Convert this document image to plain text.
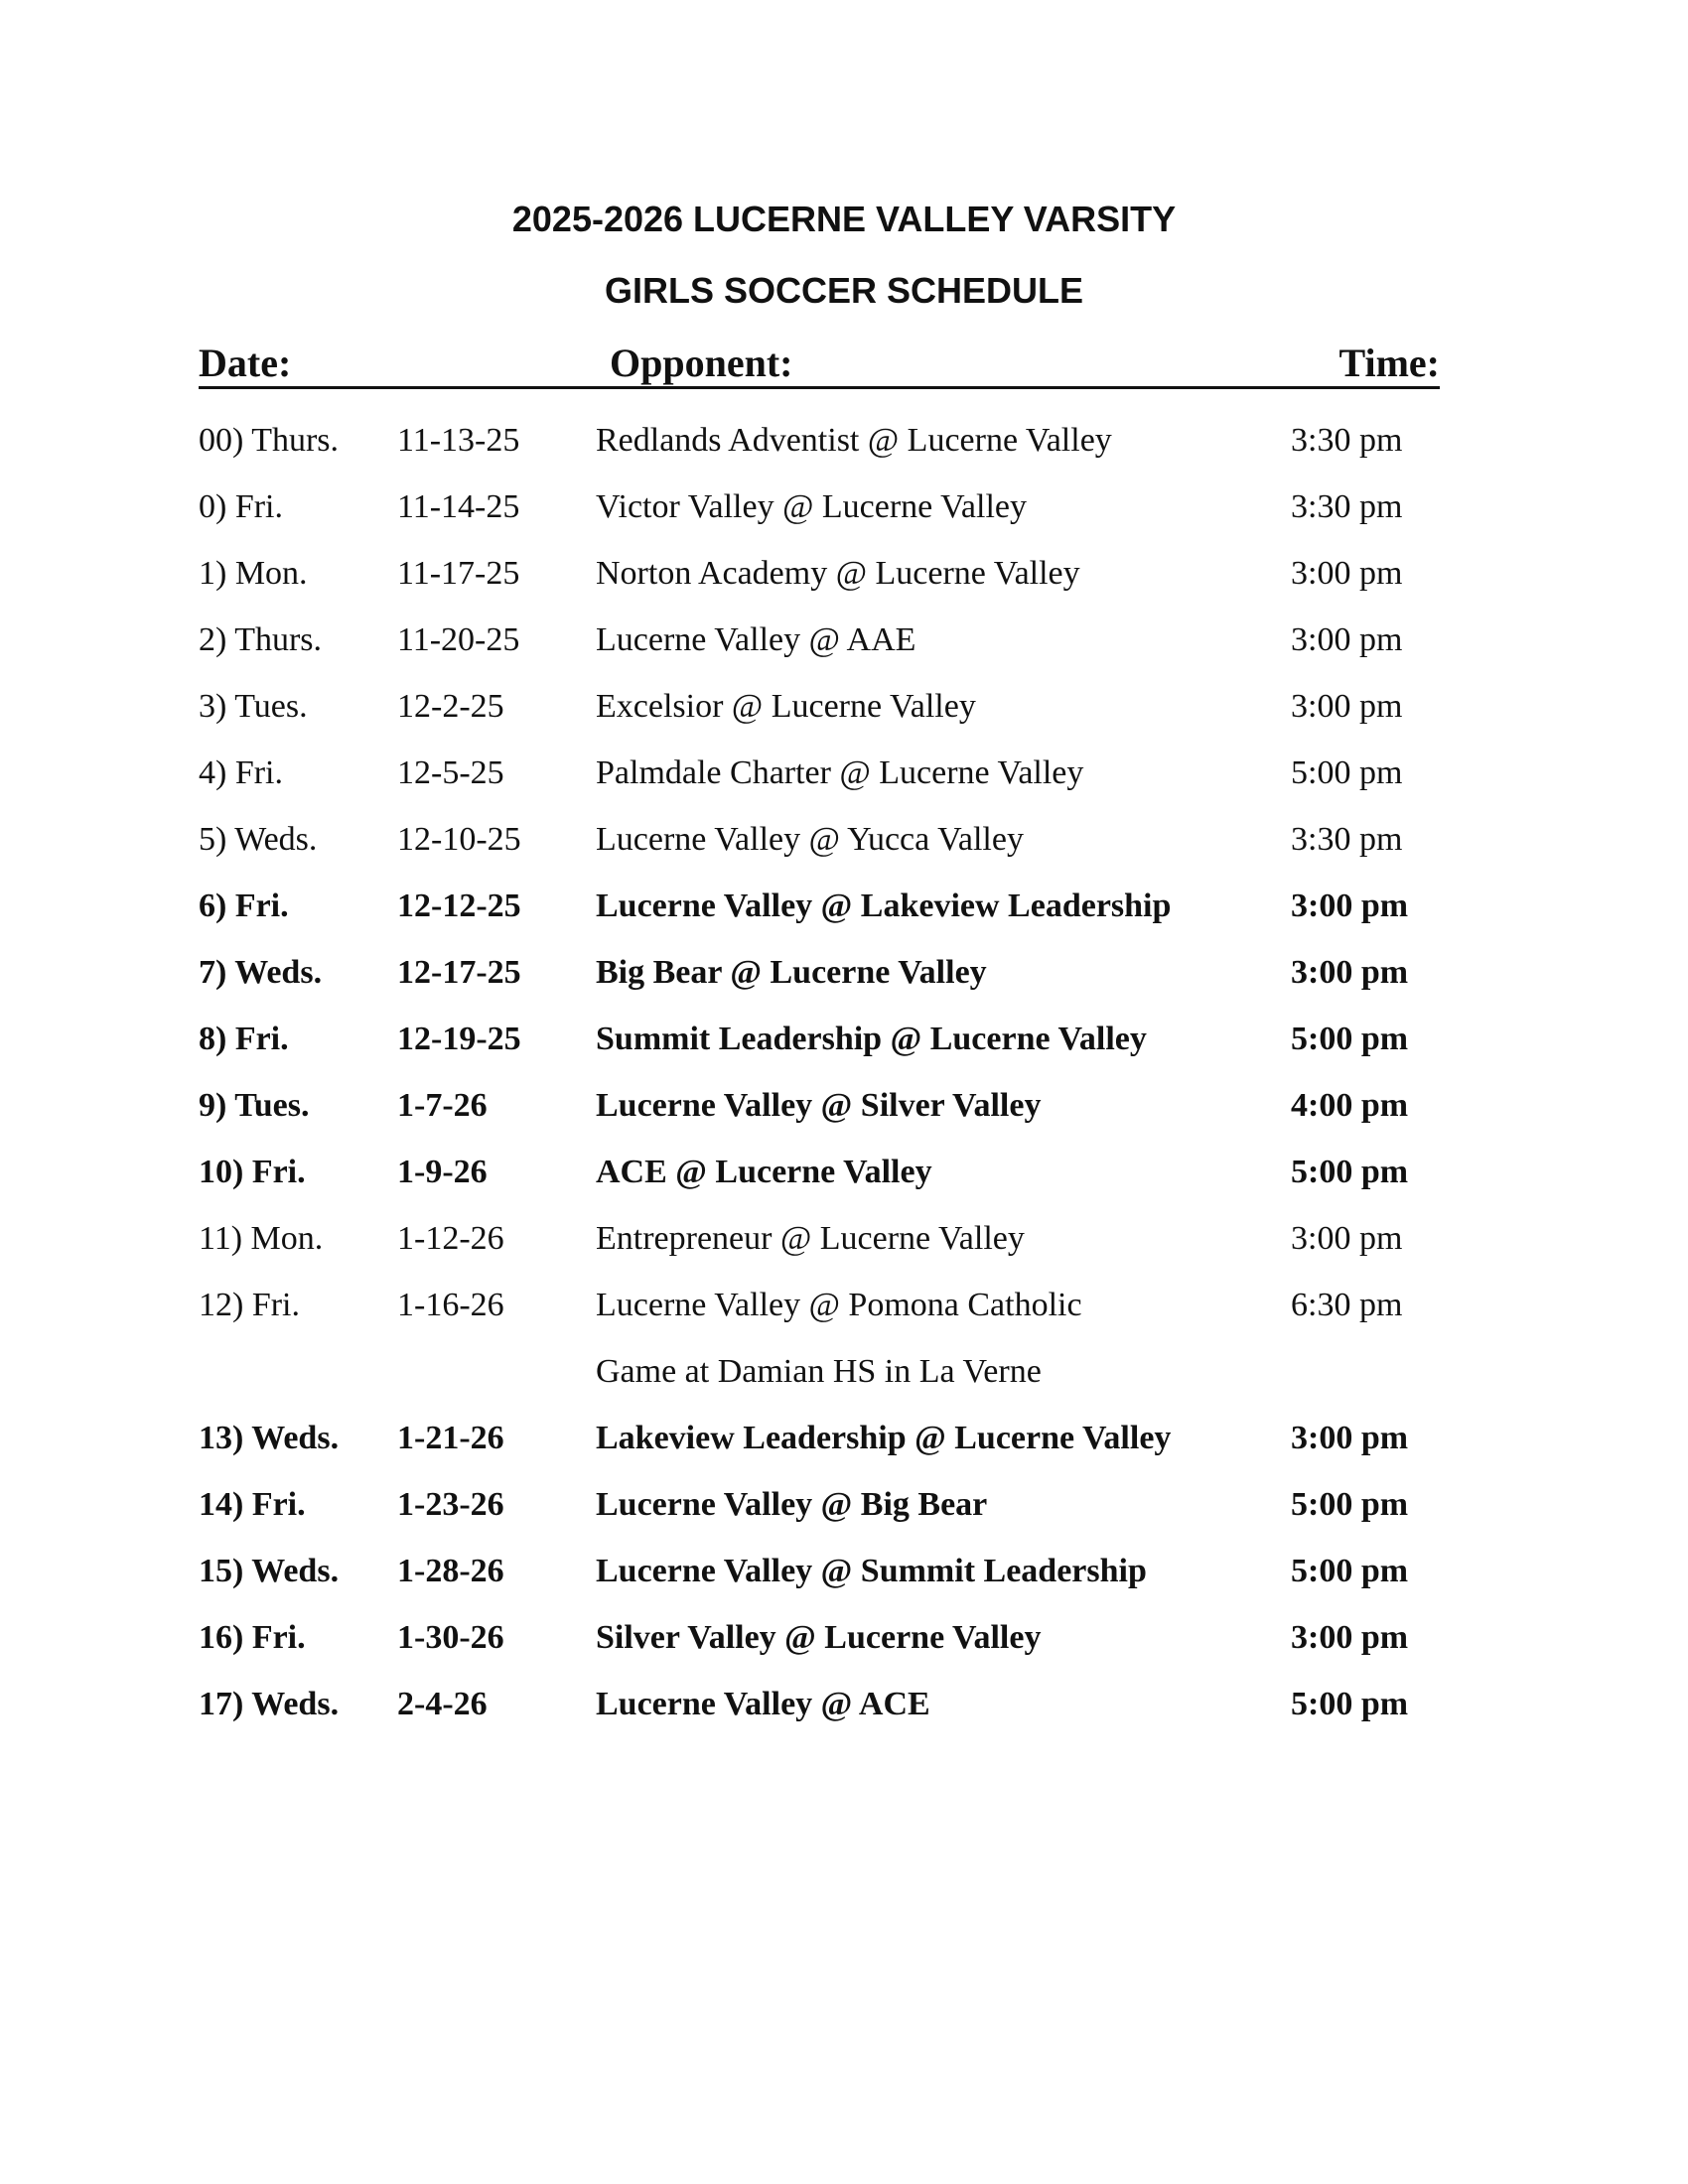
2025-2026 LUCERNE VALLEY VARSITY
GIRLS SOCCER SCHEDULE
Date:	Opponent:	Time:
00) Thurs. 11-13-25 Redlands Adventist @ Lucerne Valley	3:30 pm
0) Fri.	11-14-25 Victor Valley @ Lucerne Valley	3:30 pm
1) Mon.	11-17-25 Norton Academy @ Lucerne Valley	3:00 pm
2) Thurs. 11-20-25 Lucerne Valley @ AAE	3:00 pm
3) Tues.	12-2-25	Excelsior @ Lucerne Valley	3:00 pm
4) Fri.	12-5-25	Palmdale Charter @ Lucerne Valley	5:00 pm
5) Weds. 12-10-25 Lucerne Valley @ Yucca Valley	3:30 pm
6) Fri.	12-12-25 Lucerne Valley @ Lakeview Leadership	3:00 pm
7) Weds. 12-17-25 Big Bear @ Lucerne Valley	3:00 pm
8) Fri.	12-19-25 Summit Leadership @ Lucerne Valley	5:00 pm
9) Tues.	1-7-26	Lucerne Valley @ Silver Valley	4:00 pm
10) Fri.	1-9-26	ACE @ Lucerne Valley	5:00 pm
11) Mon. 1-12-26	Entrepreneur @ Lucerne Valley	3:00 pm
12) Fri.	1-16-26	Lucerne Valley @ Pomona Catholic	6:30 pm
Game at Damian HS in La Verne
13) Weds. 1-21-26	Lakeview Leadership @ Lucerne Valley	3:00 pm
14) Fri.	1-23-26	Lucerne Valley @ Big Bear	5:00 pm
15) Weds. 1-28-26	Lucerne Valley @ Summit Leadership	5:00 pm
16) Fri.	1-30-26	Silver Valley @ Lucerne Valley	3:00 pm
17) Weds. 2-4-26	Lucerne Valley @ ACE	5:00 pm
